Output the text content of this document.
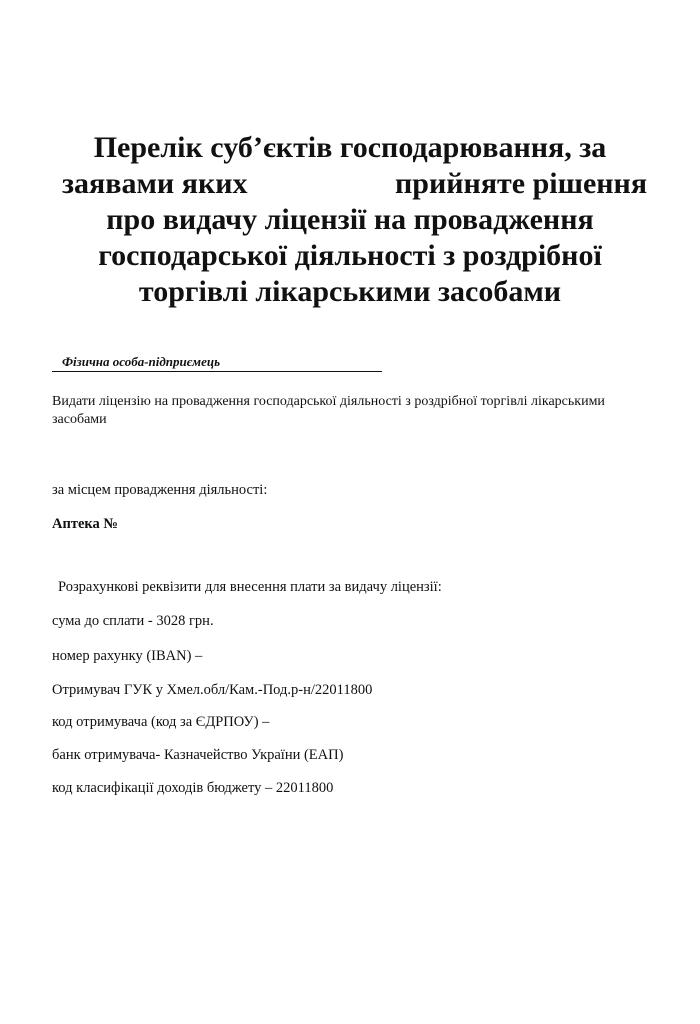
Перелік суб’єктів господарювання, за
заявами яких	прийняте рішення
про видачу ліцензії на провадження
господарської діяльності з роздрібної
торгівлі лікарськими засобами
Фізична особа-підприємець
Видати ліцензію на провадження господарської діяльності з роздрібної торгівлі лікарськими засобами
за місцем провадження діяльності:
Аптека №
Розрахункові реквізити для внесення плати за видачу ліцензії:
сума до сплати - 3028 грн.
номер рахунку (IBAN) –
Отримувач ГУК у Хмел.обл/Кам.-Под.р-н/22011800
код отримувача (код за ЄДРПОУ) –
банк отримувача- Казначейство України (ЕАП)
код класифікації доходів бюджету – 22011800
